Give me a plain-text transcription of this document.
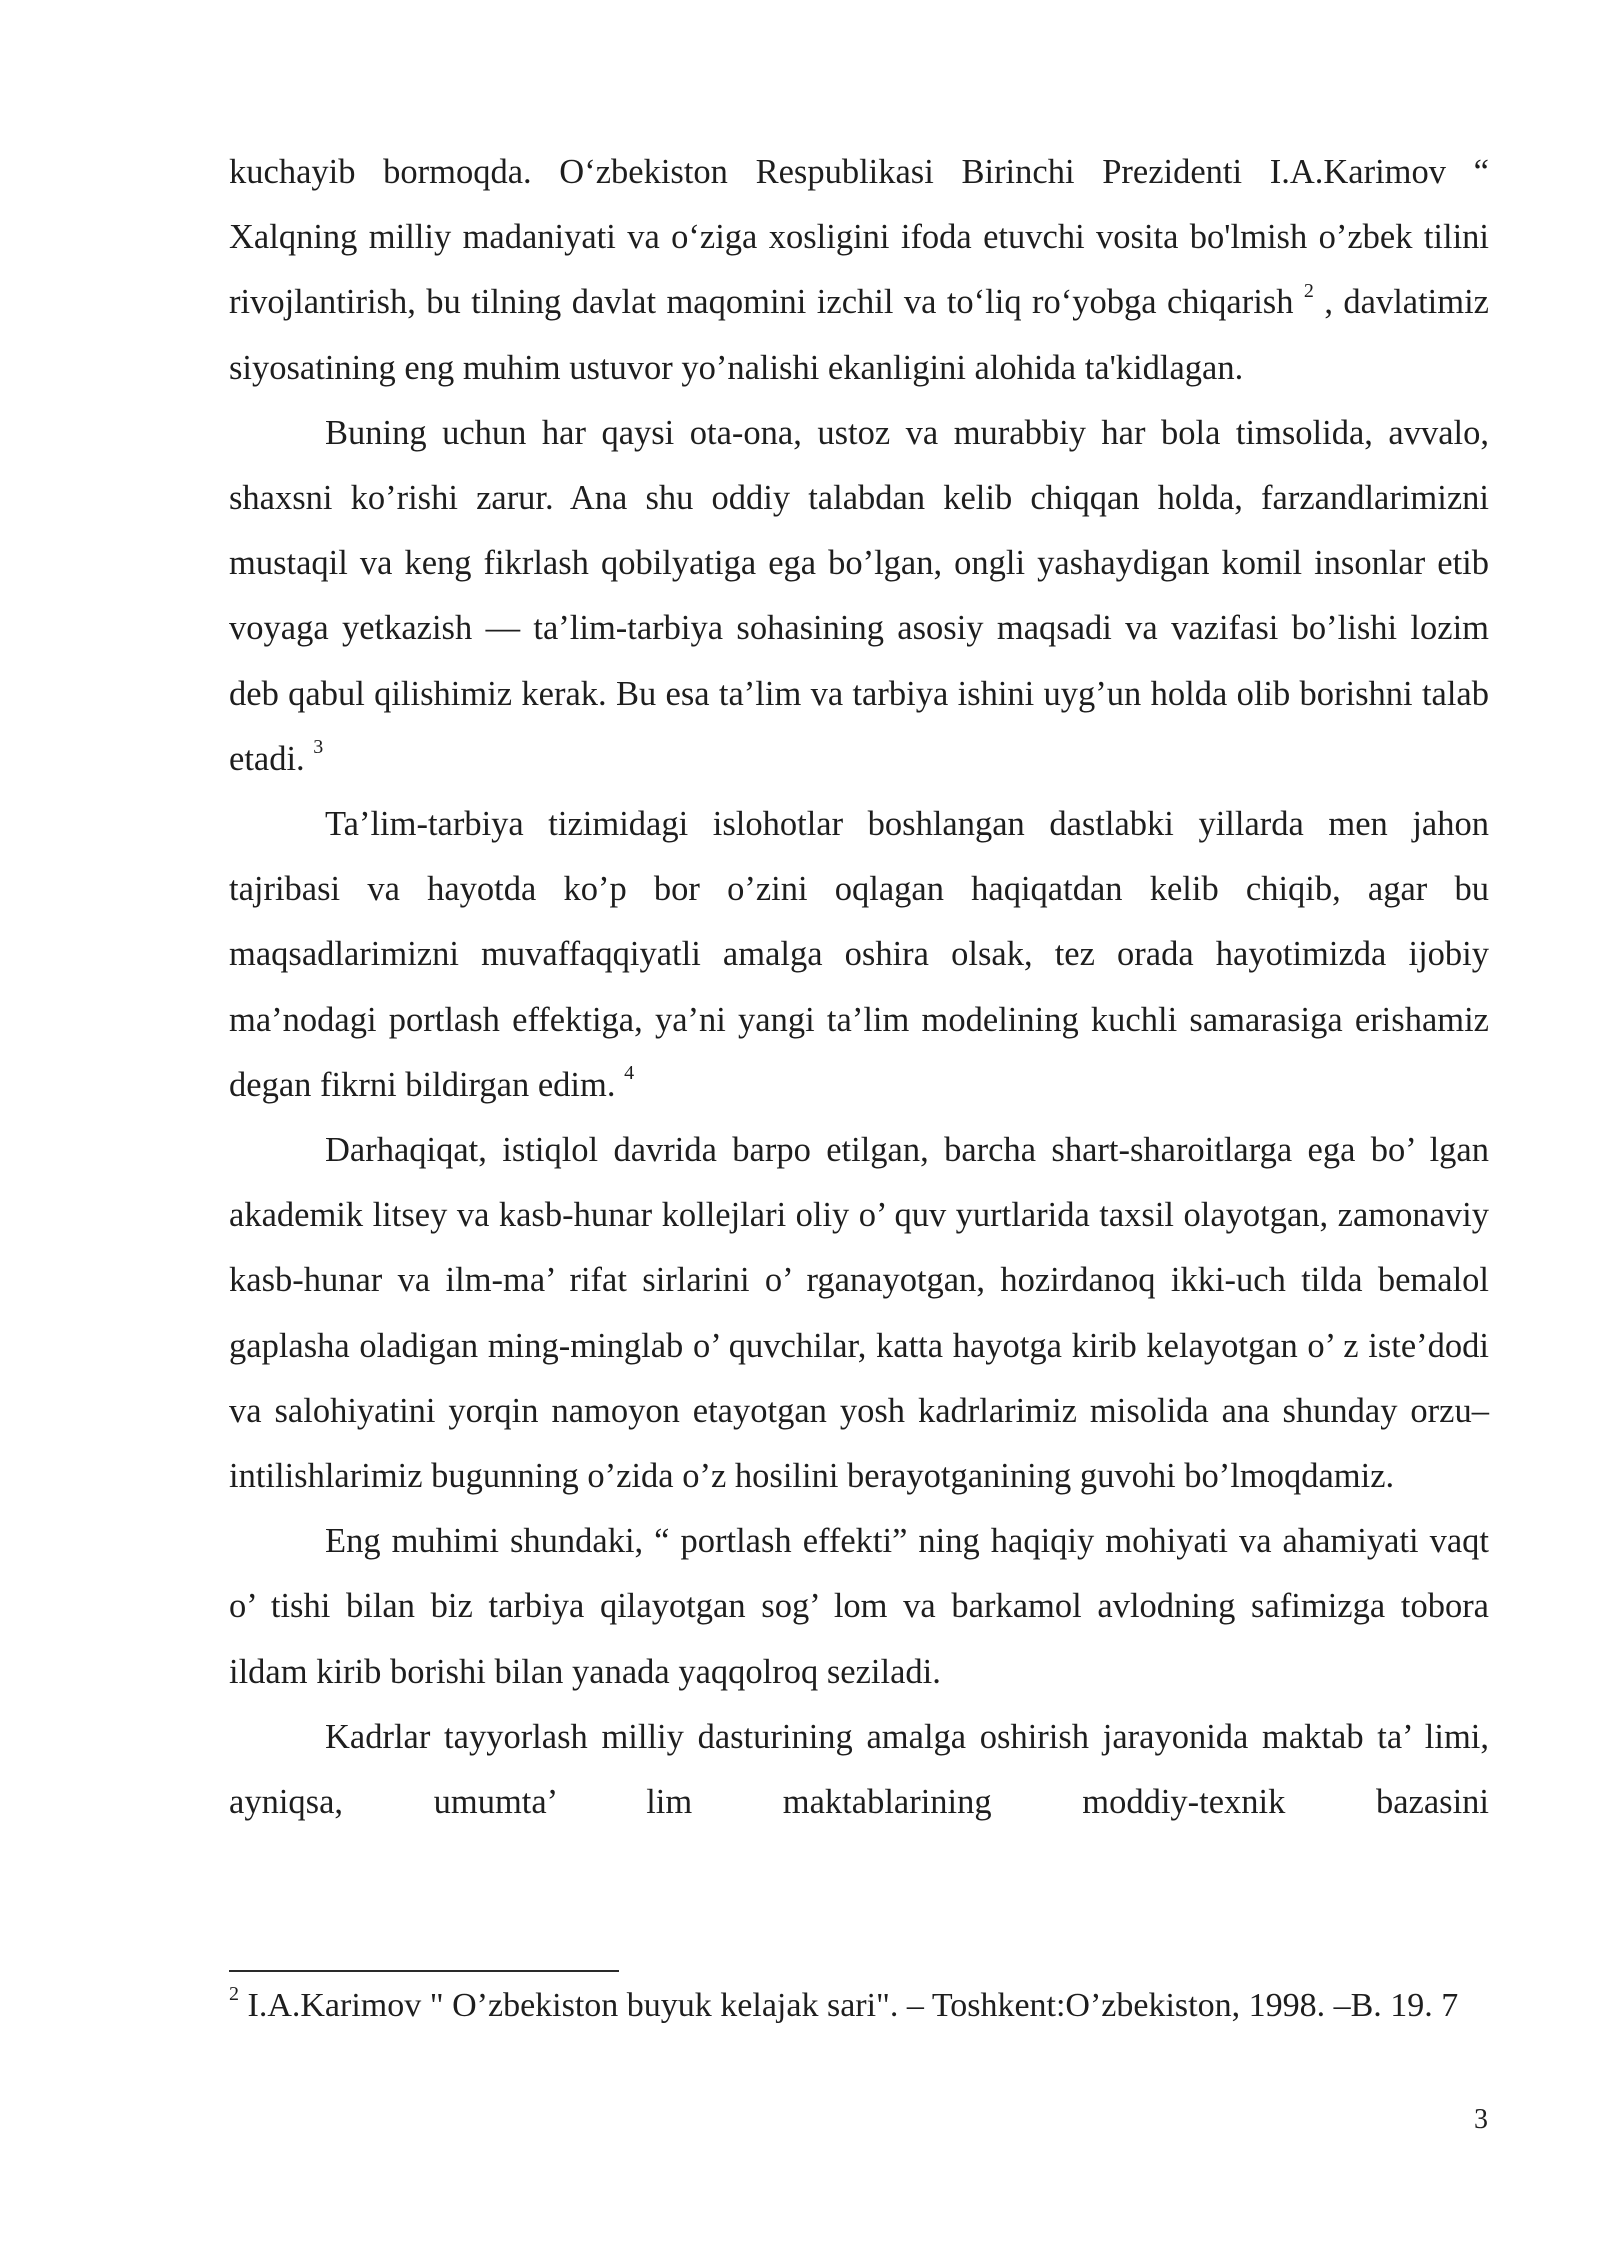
kuchayib bormoqda. O‘zbekiston Respublikasi Birinchi Prezidenti I.A.Karimov “ Xalqning milliy madaniyati va o‘ziga xosligini ifoda etuvchi vosita bo'lmish o’zbek tilini rivojlantirish, bu tilning davlat maqomini izchil va to‘liq ro‘yobga chiqarish $^2$ , davlatimiz siyosatining eng muhim ustuvor yo’nalishi ekanligini alohida ta'kidlagan.

Buning uchun har qaysi ota-ona, ustoz va murabbiy har bola timsolida, avvalo, shaxsni ko’rishi zarur. Ana shu oddiy talabdan kelib chiqqan holda, farzandlarimizni mustaqil va keng fikrlash qobilyatiga ega bo’lgan, ongli yashaydigan komil insonlar etib voyaga yetkazish — ta’lim-tarbiya sohasining asosiy maqsadi va vazifasi bo’lishi lozim deb qabul qilishimiz kerak. Bu esa ta’lim va tarbiya ishini uyg’un holda olib borishni talab etadi. $^3$

Ta’lim-tarbiya tizimidagi islohotlar boshlangan dastlabki yillarda men jahon tajribasi va hayotda ko’p bor o’zini oqlagan haqiqatdan kelib chiqib, agar bu maqsadlarimizni muvaffaqqiyatli amalga oshira olsak, tez orada hayotimizda ijobiy ma’nodagi portlash effektiga, ya’ni yangi ta’lim modelining kuchli samarasiga erishamiz degan fikrni bildirgan edim. $^4$

Darhaqiqat, istiqlol davrida barpo etilgan, barcha shart-sharoitlarga ega bo’ lgan akademik litsey va kasb-hunar kollejlari oliy o’ quv yurtlarida taxsil olayotgan, zamonaviy kasb-hunar va ilm-ma’ rifat sirlarini o’ rganayotgan, hozirdanoq ikki-uch tilda bemalol gaplasha oladigan ming-minglab o’ quvchilar, katta hayotga kirib kelayotgan o’ z iste’dodi va salohiyatini yorqin namoyon etayotgan yosh kadrlarimiz misolida ana shunday orzu– intilishlarimiz bugunning o’zida o’z hosilini berayotganining guvohi bo’lmoqdamiz.

Eng muhimi shundaki, “ portlash effekti” ning haqiqiy mohiyati va ahamiyati vaqt o’ tishi bilan biz tarbiya qilayotgan sog’ lom va barkamol avlodning safimizga tobora ildam kirib borishi bilan yanada yaqqolroq seziladi.

Kadrlar tayyorlash milliy dasturining amalga oshirish jarayonida maktab ta’ limi, ayniqsa, umumta’ lim maktablarining moddiy-texnik bazasini

$^2$ I.A.Karimov " O’zbekiston buyuk kelajak sari". – Toshkent:O’zbekiston, 1998. –B. 19. 7

3
